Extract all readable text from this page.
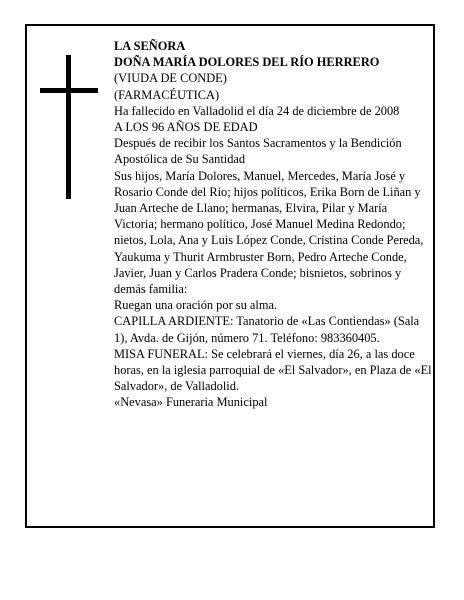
LA SEÑORA

DOÑA MARÍA DOLORES DEL RÍO HERRERO

(VIUDA DE CONDE)

(FARMACÉUTICA)

Ha fallecido en Valladolid el día 24 de diciembre de 2008

A LOS 96 AÑOS DE EDAD

Después de recibir los Santos Sacramentos y la Bendición Apostólica de Su Santidad

Sus hijos, María Dolores, Manuel, Mercedes, María José y Rosario Conde del Río; hijos políticos, Erika Born de Liñan y Juan Arteche de Llano; hermanas, Elvira, Pilar y María Victoria; hermano político, José Manuel Medina Redondo; nietos, Lola, Ana y Luis López Conde, Cristina Conde Pereda, Yaukuma y Thurit Armbruster Born, Pedro Arteche Conde, Javier, Juan y Carlos Pradera Conde; bisnietos, sobrinos y demás familia:

Ruegan una oración por su alma.

CAPILLA ARDIENTE: Tanatorio de «Las Contiendas» (Sala 1), Avda. de Gijón, número 71. Teléfono: 983360405.

MISA FUNERAL: Se celebrará el viernes, día 26, a las doce horas, en la iglesia parroquial de «El Salvador», en Plaza de «El Salvador», de Valladolid.

«Nevasa» Funeraria Municipal
